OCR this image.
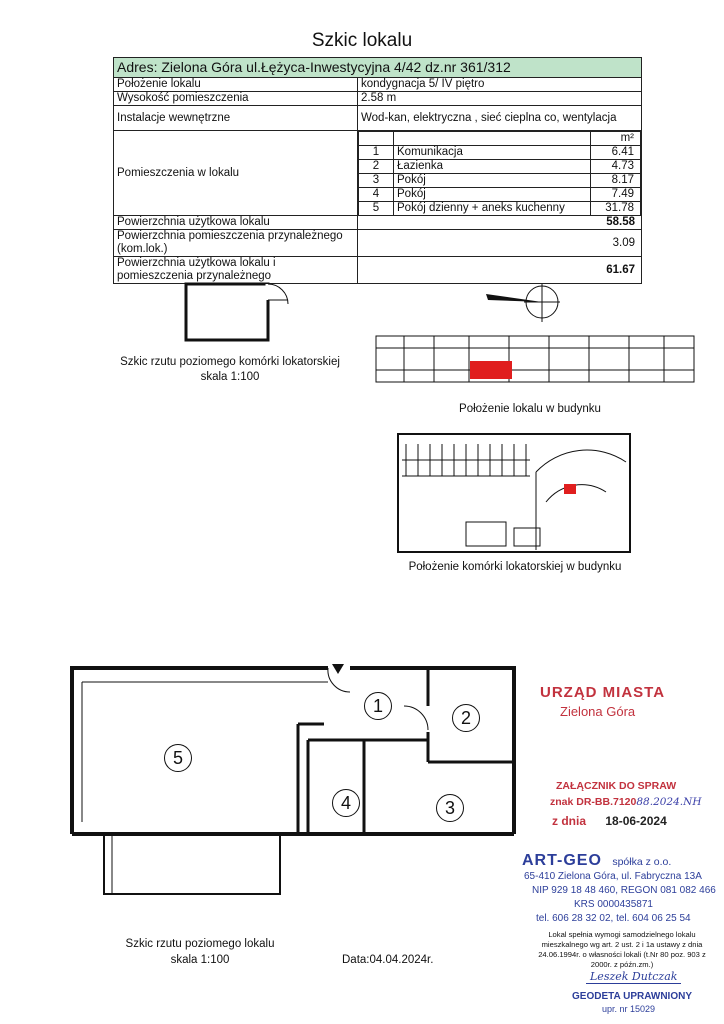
Szkic lokalu
Adres: Zielona Góra ul.Łężyca-Inwestycyjna 4/42 dz.nr 361/312
Położenie lokalu	kondygnacja 5/ IV piętro
Wysokość pomieszczenia	2.58 m
Instalacje wewnętrzne	Wod-kan, elektryczna , sieć cieplna co, wentylacja
Pomieszczenia w lokalu	
		m²
1	Komunikacja	6.41
2	Łazienka	4.73
3	Pokój	8.17
4	Pokój	7.49
5	Pokój dzienny + aneks kuchenny	31.78

Powierzchnia użytkowa lokalu	58.58
Powierzchnia pomieszczenia przynależnego (kom.lok.)	3.09
Powierzchnia użytkowa lokalu i pomieszczenia przynależnego	61.67
Szkic rzutu poziomego komórki lokatorskiej
skala 1:100
Położenie lokalu w budynku
Położenie komórki lokatorskiej w budynku
5
1
2
4	3
Szkic rzutu poziomego lokalu
skala 1:100	Data:04.04.2024r.
URZĄD MIASTA
Zielona Góra
ZAŁĄCZNIK DO SPRAW
znak DR-BB.712088.2024.NH
z dnia 18-06-2024
ART-GEO spółka z o.o.
65-410 Zielona Góra, ul. Fabryczna 13A
NIP 929 18 48 460, REGON 081 082 466
KRS 0000435871
tel. 606 28 32 02, tel. 604 06 25 54
Lokal spełnia wymogi samodzielnego lokalu mieszkalnego wg art. 2 ust. 2 i 1a ustawy z dnia 24.06.1994r. o własności lokali (t.Nr 80 poz. 903 z 2000r. z późn.zm.)
Leszek Dutczak
GEODETA UPRAWNIONY
upr. nr 15029
